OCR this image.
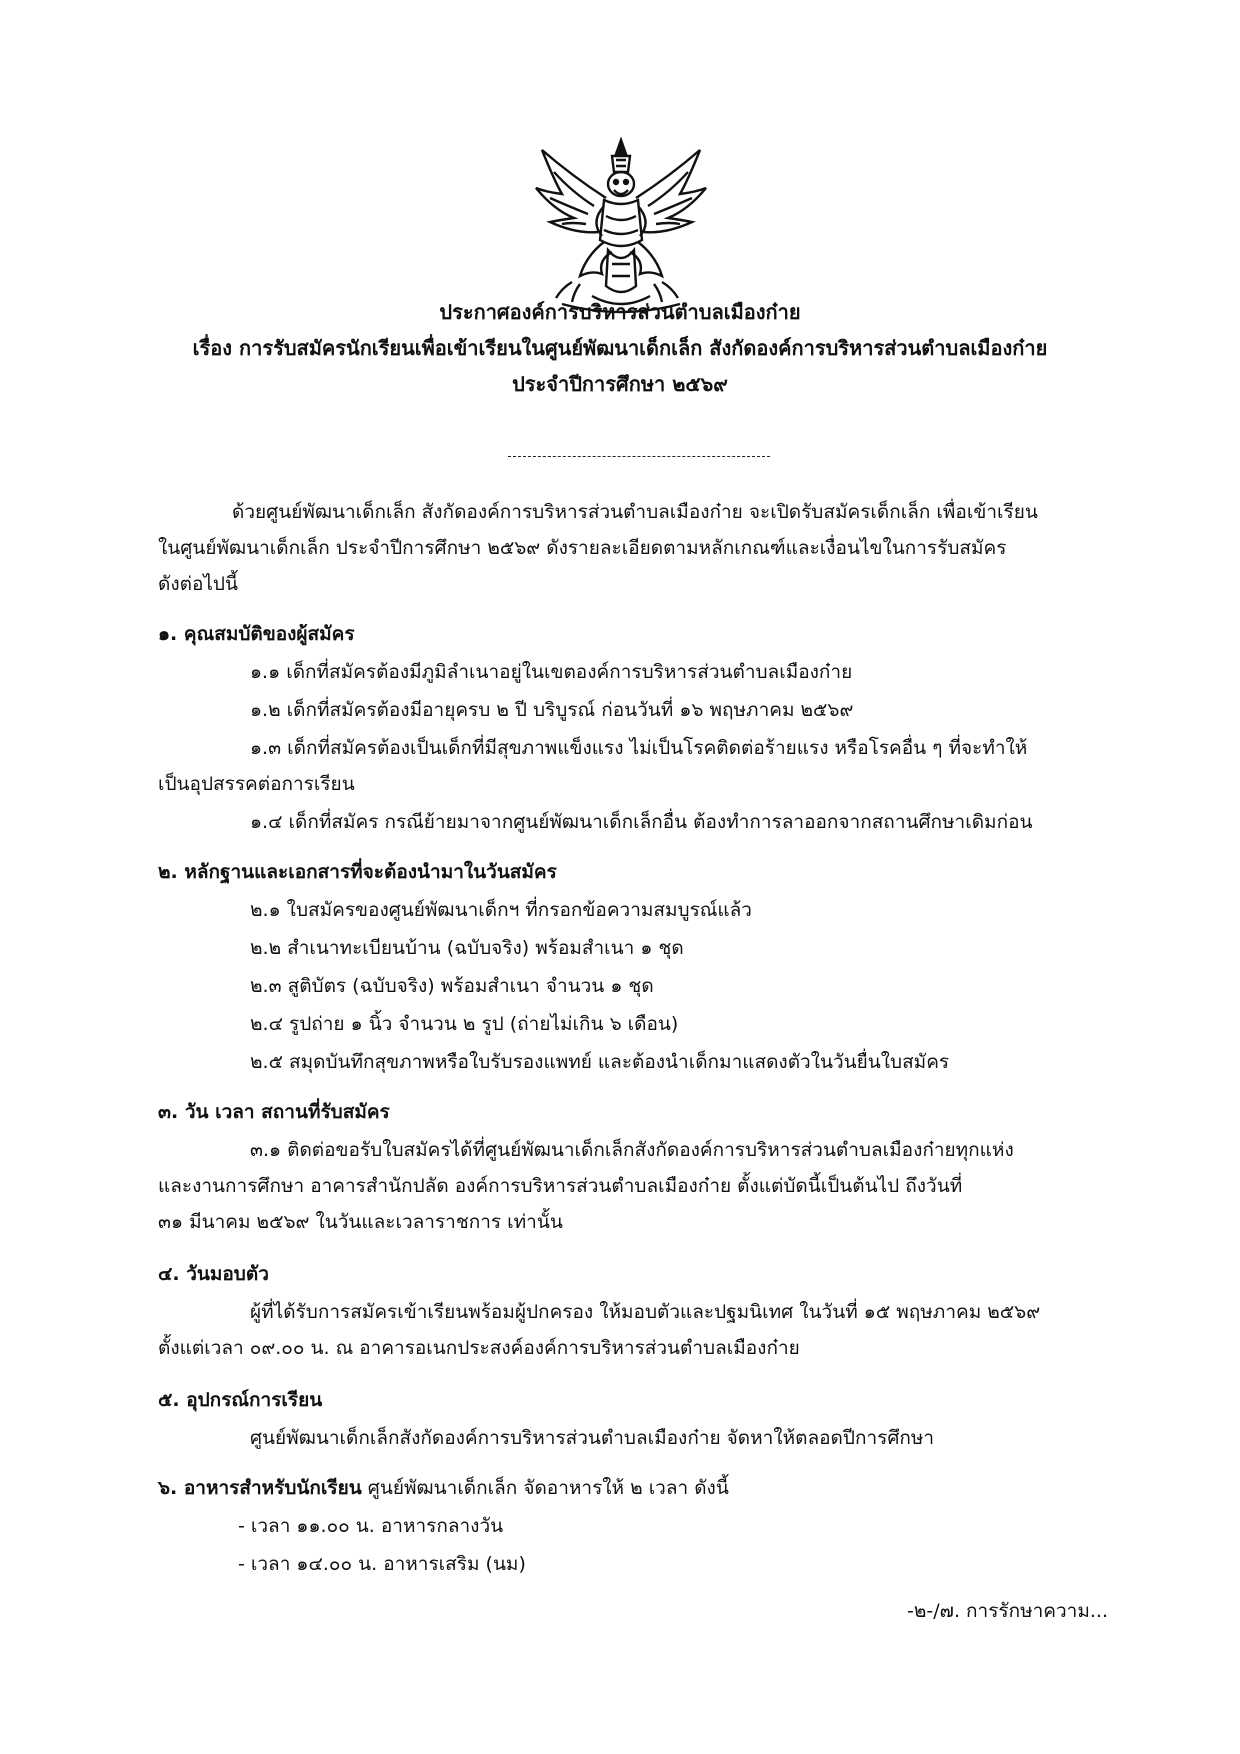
ประกาศองค์การบริหารส่วนตำบลเมืองก๋าย
เรื่อง การรับสมัครนักเรียนเพื่อเข้าเรียนในศูนย์พัฒนาเด็กเล็ก สังกัดองค์การบริหารส่วนตำบลเมืองก๋าย
ประจำปีการศึกษา ๒๕๖๙
ด้วยศูนย์พัฒนาเด็กเล็ก สังกัดองค์การบริหารส่วนตำบลเมืองก๋าย จะเปิดรับสมัครเด็กเล็ก เพื่อเข้าเรียน
ในศูนย์พัฒนาเด็กเล็ก ประจำปีการศึกษา ๒๕๖๙ ดังรายละเอียดตามหลักเกณฑ์และเงื่อนไขในการรับสมัคร
ดังต่อไปนี้
๑. คุณสมบัติของผู้สมัคร
๑.๑ เด็กที่สมัครต้องมีภูมิลำเนาอยู่ในเขตองค์การบริหารส่วนตำบลเมืองก๋าย
๑.๒ เด็กที่สมัครต้องมีอายุครบ ๒ ปี บริบูรณ์ ก่อนวันที่ ๑๖ พฤษภาคม ๒๕๖๙
๑.๓ เด็กที่สมัครต้องเป็นเด็กที่มีสุขภาพแข็งแรง ไม่เป็นโรคติดต่อร้ายแรง หรือโรคอื่น ๆ ที่จะทำให้
เป็นอุปสรรคต่อการเรียน
๑.๔ เด็กที่สมัคร กรณีย้ายมาจากศูนย์พัฒนาเด็กเล็กอื่น ต้องทำการลาออกจากสถานศึกษาเดิมก่อน
๒. หลักฐานและเอกสารที่จะต้องนำมาในวันสมัคร
๒.๑ ใบสมัครของศูนย์พัฒนาเด็กฯ ที่กรอกข้อความสมบูรณ์แล้ว
๒.๒ สำเนาทะเบียนบ้าน (ฉบับจริง) พร้อมสำเนา ๑ ชุด
๒.๓ สูติบัตร (ฉบับจริง) พร้อมสำเนา จำนวน ๑ ชุด
๒.๔ รูปถ่าย ๑ นิ้ว จำนวน ๒ รูป (ถ่ายไม่เกิน ๖ เดือน)
๒.๕ สมุดบันทึกสุขภาพหรือใบรับรองแพทย์ และต้องนำเด็กมาแสดงตัวในวันยื่นใบสมัคร
๓. วัน เวลา สถานที่รับสมัคร
๓.๑ ติดต่อขอรับใบสมัครได้ที่ศูนย์พัฒนาเด็กเล็กสังกัดองค์การบริหารส่วนตำบลเมืองก๋ายทุกแห่ง
และงานการศึกษา อาคารสำนักปลัด องค์การบริหารส่วนตำบลเมืองก๋าย ตั้งแต่บัดนี้เป็นต้นไป ถึงวันที่
๓๑ มีนาคม ๒๕๖๙ ในวันและเวลาราชการ เท่านั้น
๔. วันมอบตัว
ผู้ที่ได้รับการสมัครเข้าเรียนพร้อมผู้ปกครอง ให้มอบตัวและปฐมนิเทศ ในวันที่ ๑๕ พฤษภาคม ๒๕๖๙
ตั้งแต่เวลา ๐๙.๐๐ น. ณ อาคารอเนกประสงค์องค์การบริหารส่วนตำบลเมืองก๋าย
๕. อุปกรณ์การเรียน
ศูนย์พัฒนาเด็กเล็กสังกัดองค์การบริหารส่วนตำบลเมืองก๋าย จัดหาให้ตลอดปีการศึกษา
๖. อาหารสำหรับนักเรียน ศูนย์พัฒนาเด็กเล็ก จัดอาหารให้ ๒ เวลา ดังนี้
- เวลา ๑๑.๐๐ น. อาหารกลางวัน
- เวลา ๑๔.๐๐ น. อาหารเสริม (นม)
-๒-/๗. การรักษาความ...
